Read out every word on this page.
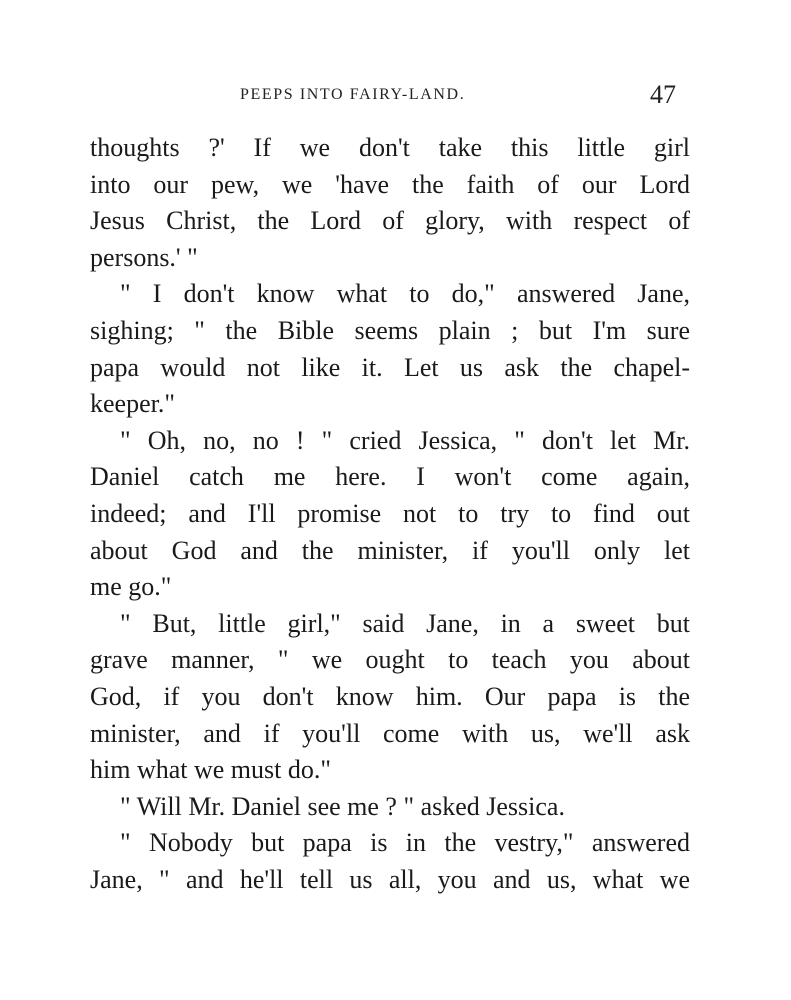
PEEPS INTO FAIRY-LAND.	47
thoughts ?' If we don't take this little girl
into our pew, we 'have the faith of our Lord
Jesus Christ, the Lord of glory, with respect of
persons.' "
" I don't know what to do," answered Jane,
sighing; " the Bible seems plain ; but I'm sure
papa would not like it. Let us ask the chapel-
keeper."
" Oh, no, no ! " cried Jessica, " don't let Mr.
Daniel catch me here. I won't come again,
indeed; and I'll promise not to try to find out
about God and the minister, if you'll only let
me go."
" But, little girl," said Jane, in a sweet but
grave manner, " we ought to teach you about
God, if you don't know him. Our papa is the
minister, and if you'll come with us, we'll ask
him what we must do."
" Will Mr. Daniel see me ? " asked Jessica.
" Nobody but papa is in the vestry," answered
Jane, " and he'll tell us all, you and us, what we
